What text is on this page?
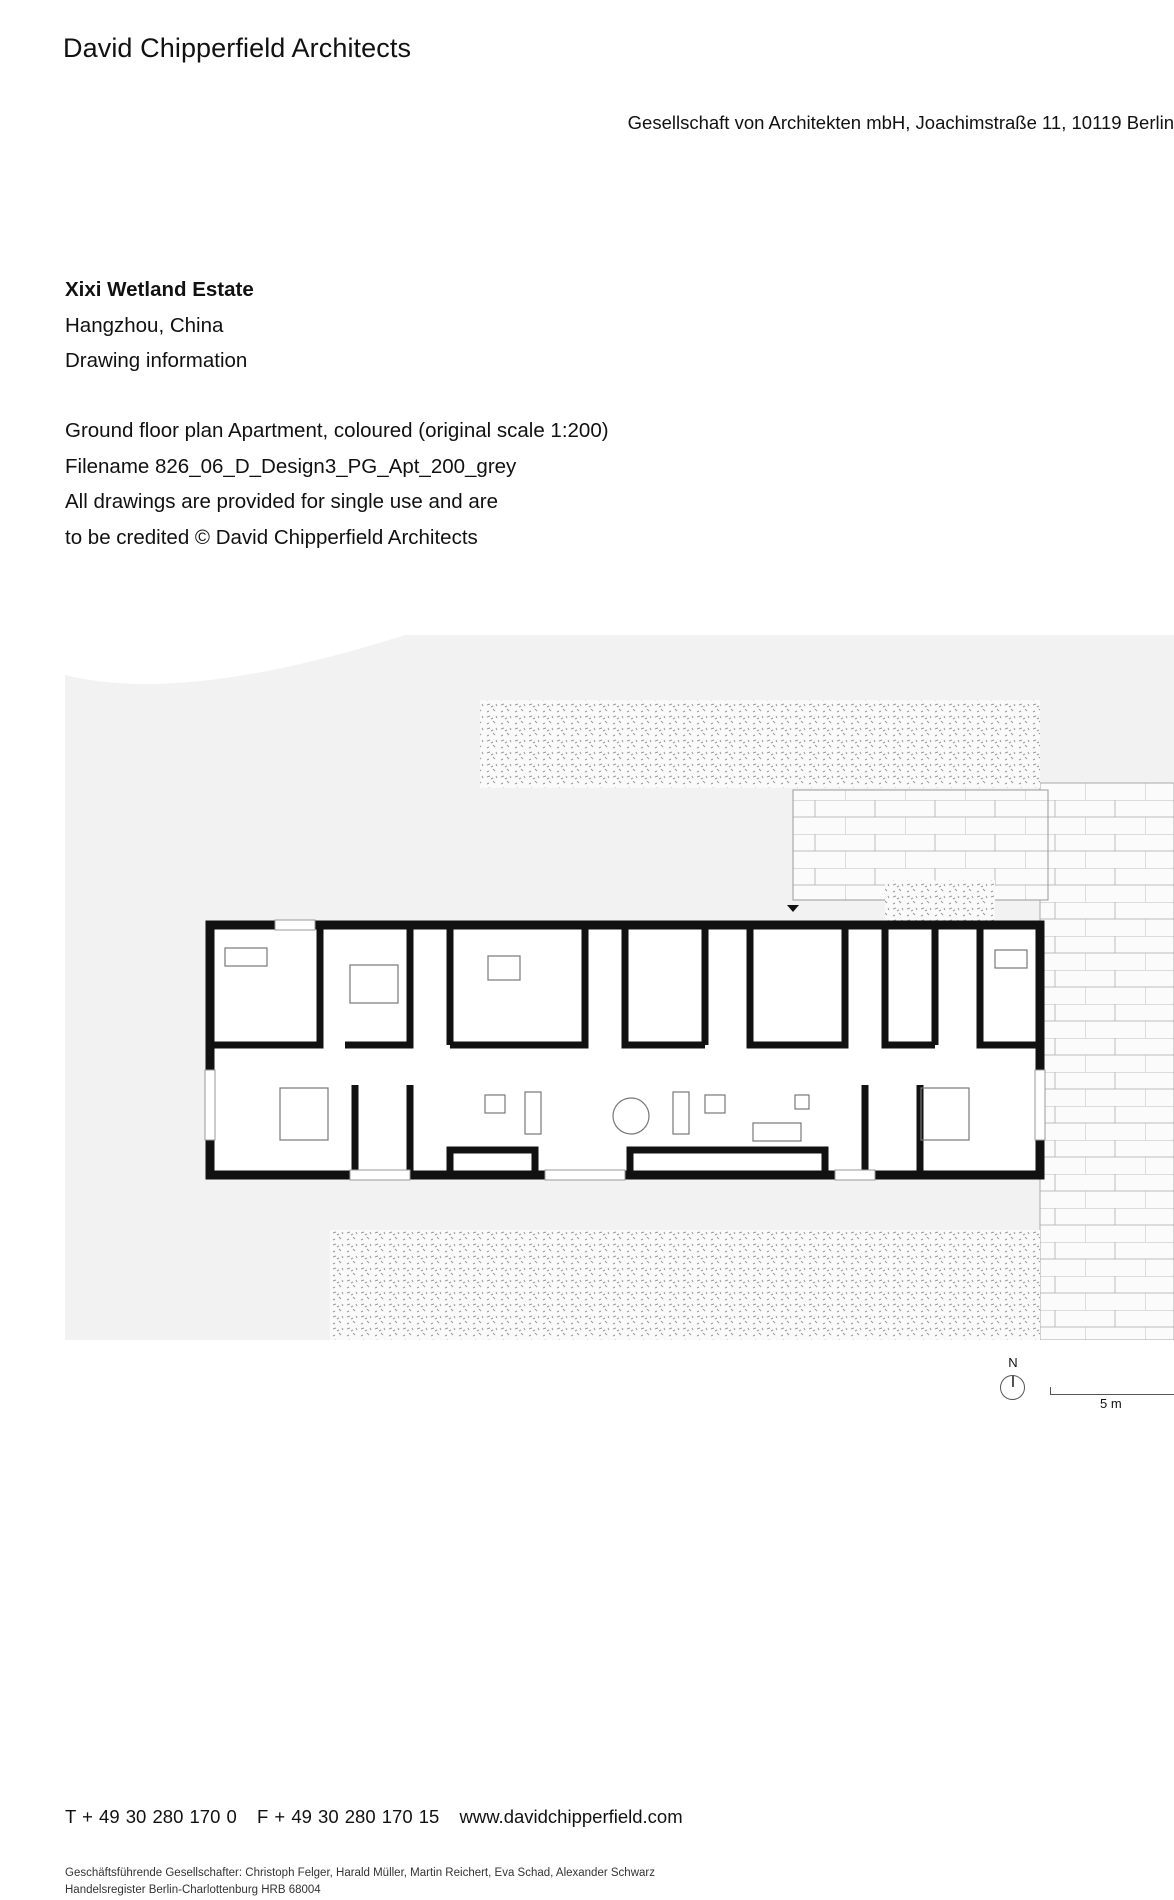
David Chipperfield Architects
Gesellschaft von Architekten mbH, Joachimstraße 11, 10119 Berlin
Xixi Wetland Estate
Hangzhou, China
Drawing information
Ground floor plan Apartment, coloured (original scale 1:200)
Filename 826_06_D_Design3_PG_Apt_200_grey
All drawings are provided for single use and are
to be credited © David Chipperfield Architects
N
5 m
T + 49 30 280 170 0 F + 49 30 280 170 15 www.davidchipperfield.com
Geschäftsführende Gesellschafter: Christoph Felger, Harald Müller, Martin Reichert, Eva Schad, Alexander Schwarz
Handelsregister Berlin-Charlottenburg HRB 68004
